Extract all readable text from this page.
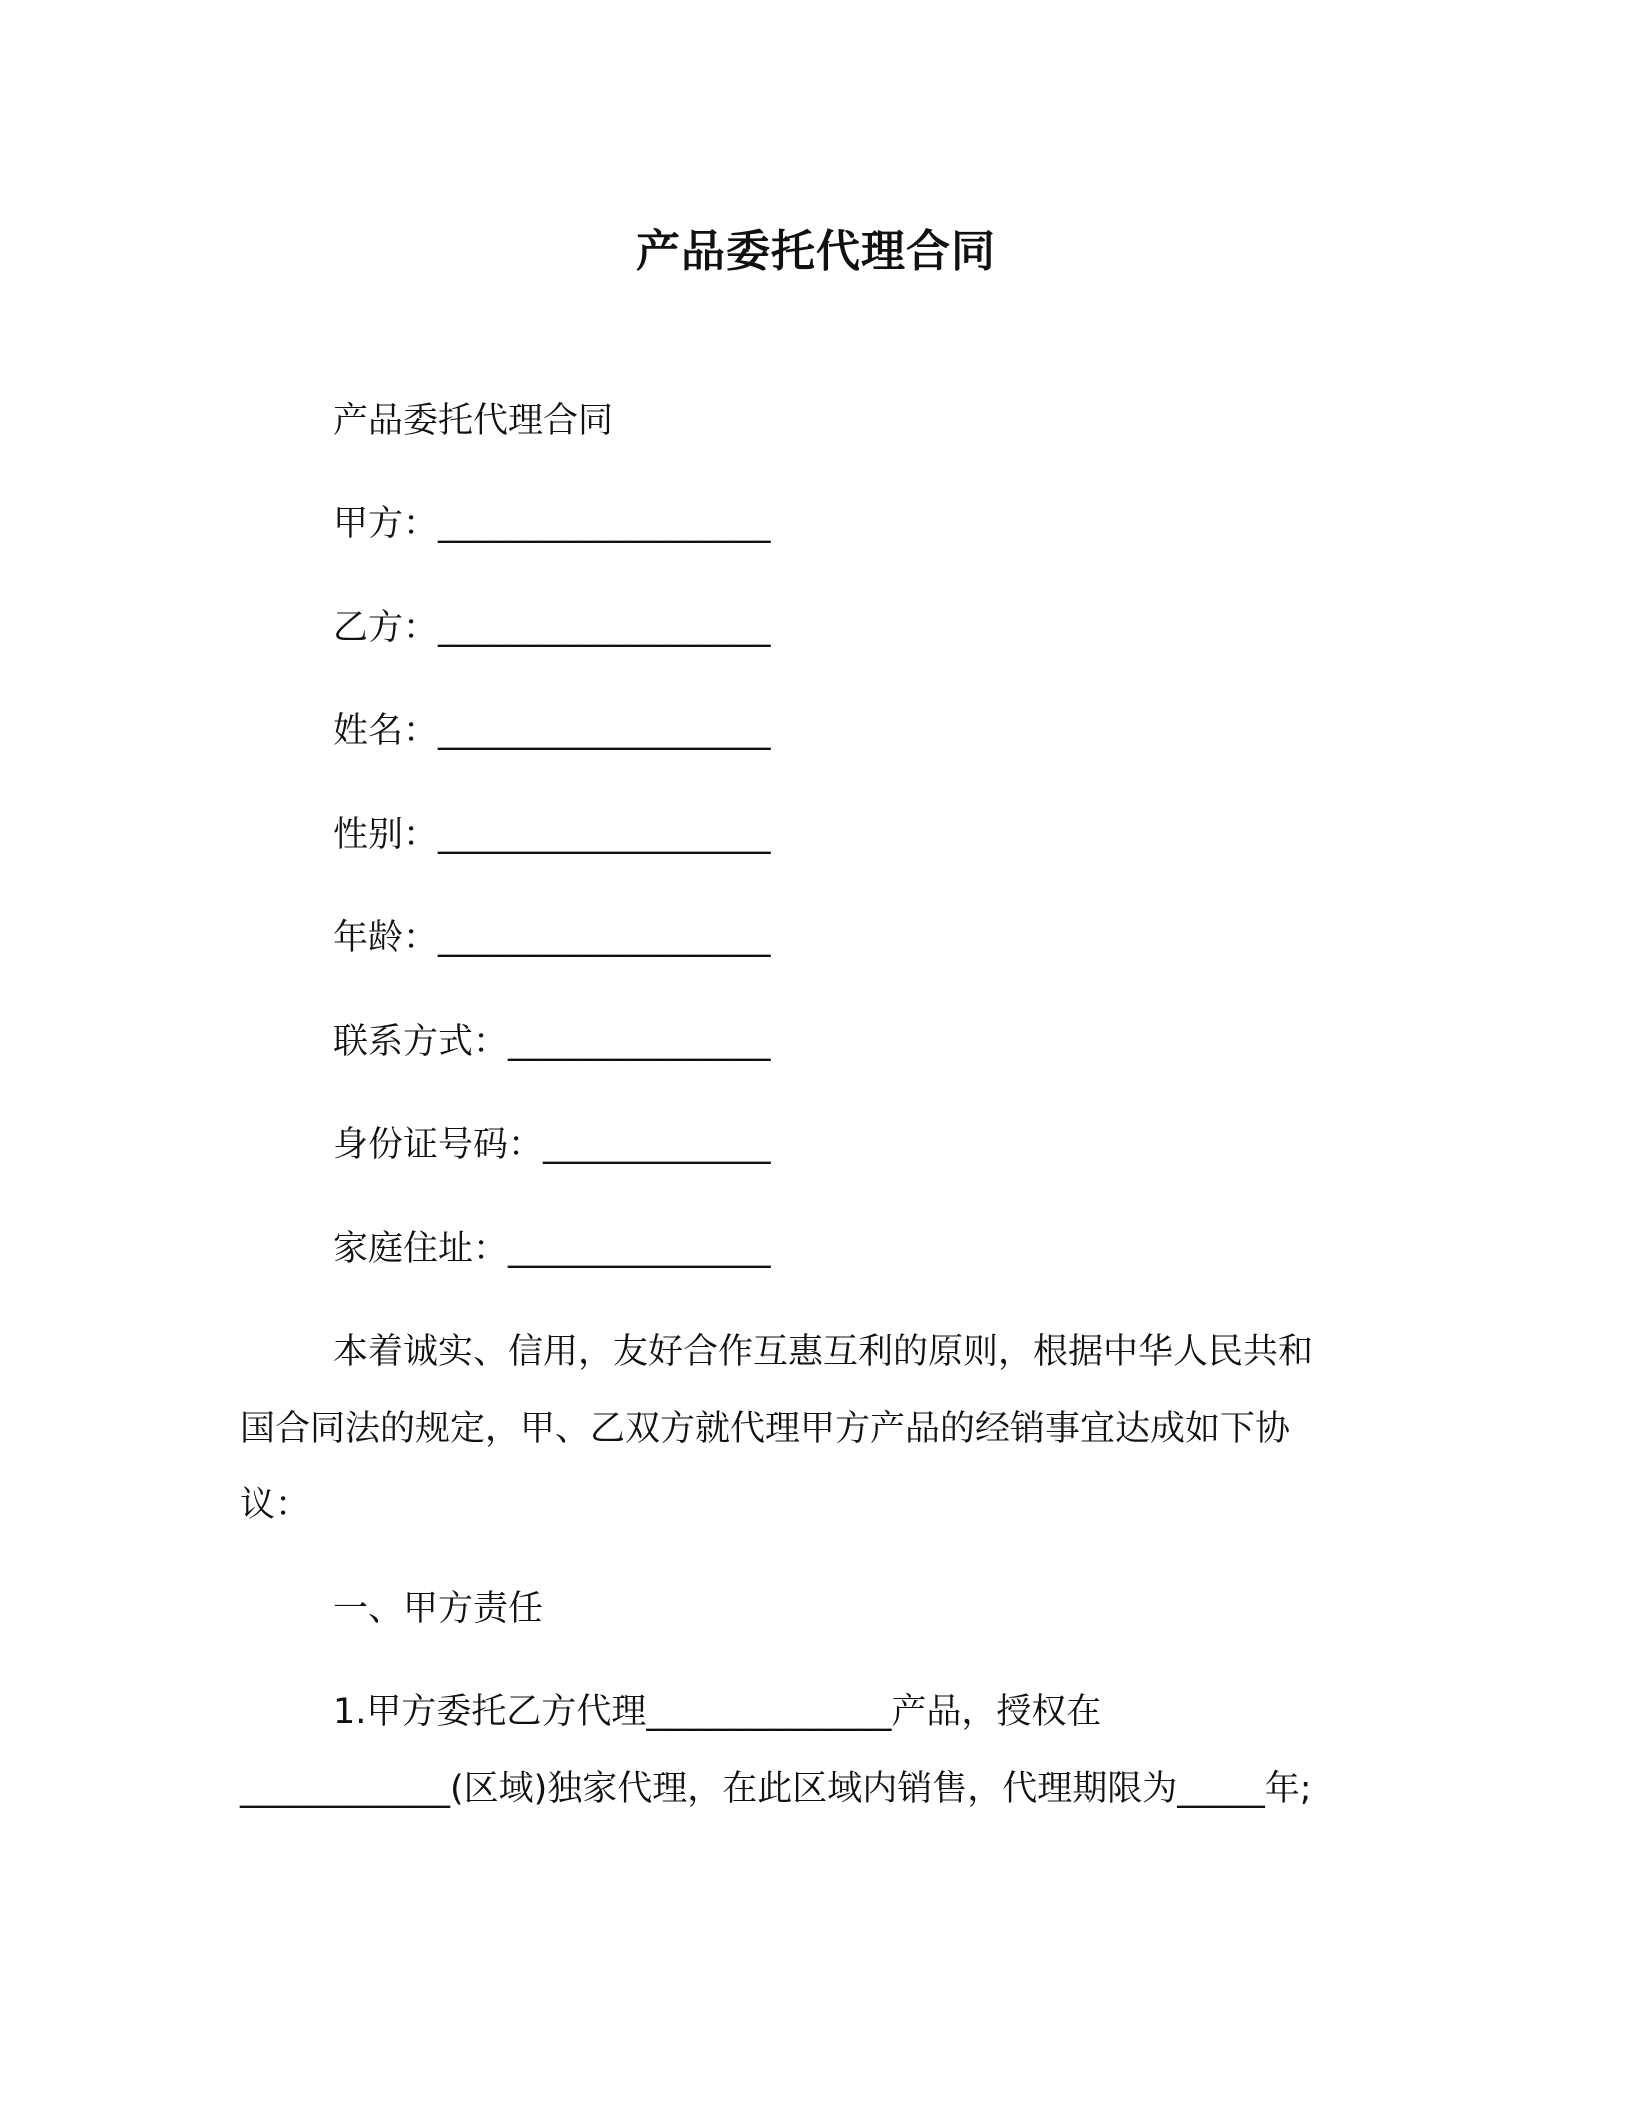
产品委托代理合同

产品委托代理合同

甲方：___________________

乙方：___________________

姓名：___________________

性别：___________________

年龄：___________________

联系方式：_______________

身份证号码：_____________

家庭住址：_______________

本着诚实、信用，友好合作互惠互利的原则，根据中华人民共和

国合同法的规定，甲、乙双方就代理甲方产品的经销事宜达成如下协

议：

一、甲方责任

1.甲方委托乙方代理______________产品，授权在

____________(区域)独家代理，在此区域内销售，代理期限为_____年;
